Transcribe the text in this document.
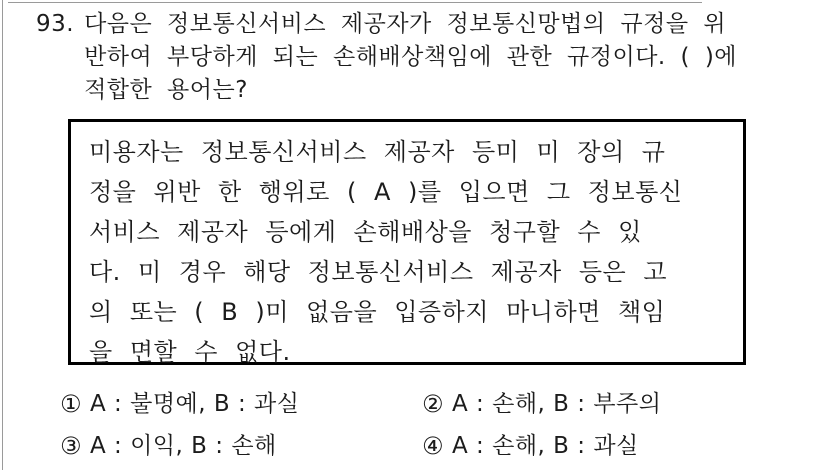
93. 다음은 정보통신서비스 제공자가 정보통신망법의 규정을 위
반하여 부당하게 되는 손해배상책임에 관한 규정이다. ( )에
적합한 용어는?
미용자는 정보통신서비스 제공자 등미 미 장의 규
정을 위반 한 행위로 ( A )를 입으면 그 정보통신
서비스 제공자 등에게 손해배상을 청구할 수 있
다. 미 경우 해당 정보통신서비스 제공자 등은 고
의 또는 ( B )미 없음을 입증하지 마니하면 책임
을 면할 수 없다.
① A : 불명예, B : 과실	② A : 손해, B : 부주의
③ A : 이익, B : 손해	④ A : 손해, B : 과실
